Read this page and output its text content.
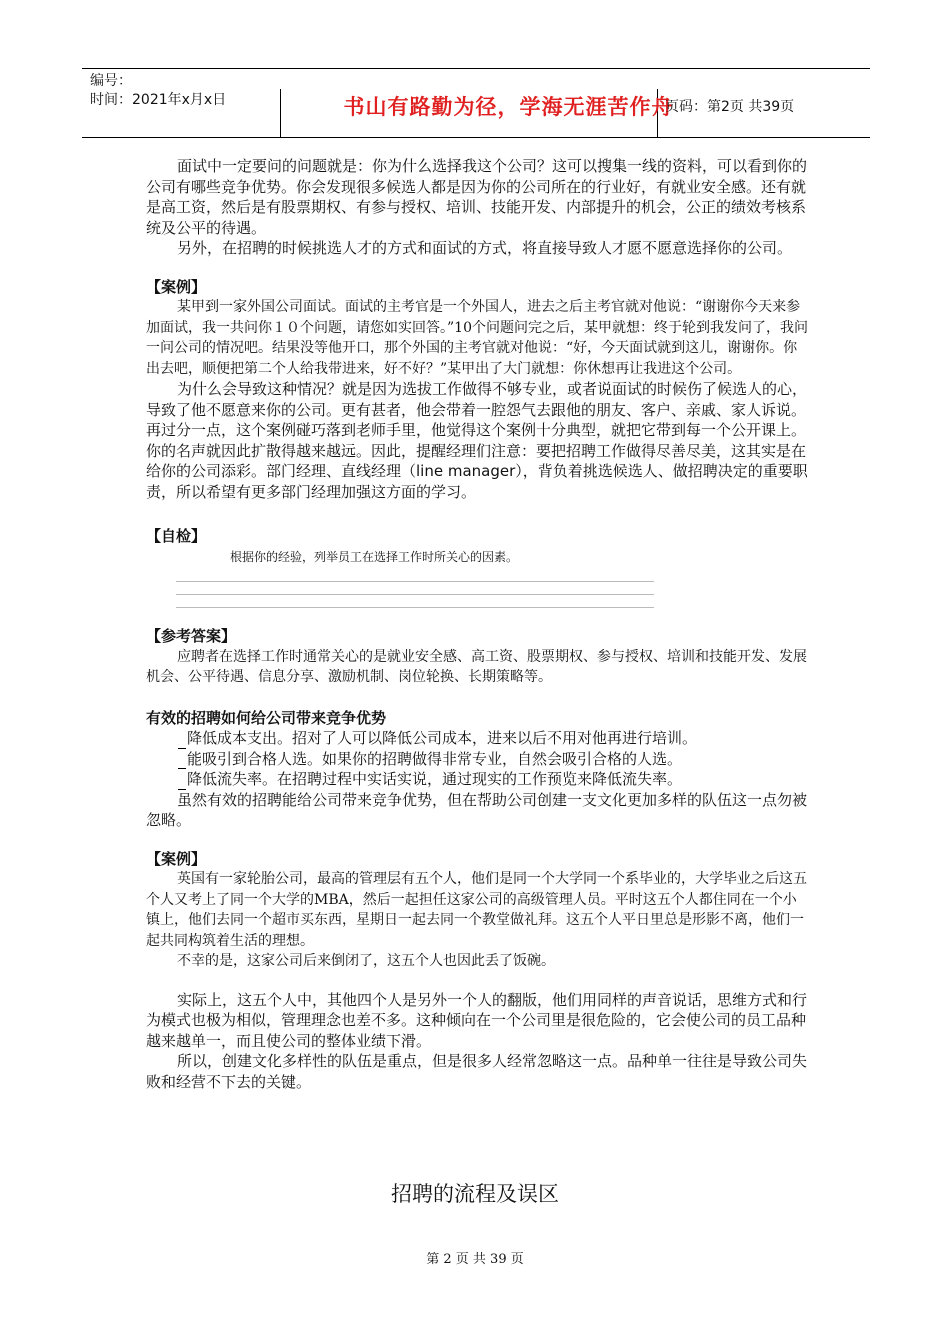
编号：
时间：2021年x月x日	书山有路勤为径，学海无涯苦作舟
页码：第2页 共39页

面试中一定要问的问题就是：你为什么选择我这个公司？这可以搜集一线的资料，可以看到你的公司有哪些竞争优势。你会发现很多候选人都是因为你的公司所在的行业好，有就业安全感。还有就是高工资，然后是有股票期权、有参与授权、培训、技能开发、内部提升的机会，公正的绩效考核系统及公平的待遇。

另外，在招聘的时候挑选人才的方式和面试的方式，将直接导致人才愿不愿意选择你的公司。

【案例】

某甲到一家外国公司面试。面试的主考官是一个外国人，进去之后主考官就对他说：“谢谢你今天来参加面试，我一共问你１０个问题，请您如实回答。”10个问题问完之后，某甲就想：终于轮到我发问了，我问一问公司的情况吧。结果没等他开口，那个外国的主考官就对他说：“好，今天面试就到这儿，谢谢你。你出去吧，顺便把第二个人给我带进来，好不好？”某甲出了大门就想：你休想再让我进这个公司。

为什么会导致这种情况？就是因为选拔工作做得不够专业，或者说面试的时候伤了候选人的心，导致了他不愿意来你的公司。更有甚者，他会带着一腔怨气去跟他的朋友、客户、亲戚、家人诉说。再过分一点，这个案例碰巧落到老师手里，他觉得这个案例十分典型，就把它带到每一个公开课上。你的名声就因此扩散得越来越远。因此，提醒经理们注意：要把招聘工作做得尽善尽美，这其实是在给你的公司添彩。部门经理、直线经理（line manager），背负着挑选候选人、做招聘决定的重要职责，所以希望有更多部门经理加强这方面的学习。

【自检】

根据你的经验，列举员工在选择工作时所关心的因素。

【参考答案】

应聘者在选择工作时通常关心的是就业安全感、高工资、股票期权、参与授权、培训和技能开发、发展机会、公平待遇、信息分享、激励机制、岗位轮换、长期策略等。

有效的招聘如何给公司带来竞争优势

降低成本支出。招对了人可以降低公司成本，进来以后不用对他再进行培训。

能吸引到合格人选。如果你的招聘做得非常专业，自然会吸引合格的人选。

降低流失率。在招聘过程中实话实说，通过现实的工作预览来降低流失率。

虽然有效的招聘能给公司带来竞争优势，但在帮助公司创建一支文化更加多样的队伍这一点勿被忽略。

【案例】

英国有一家轮胎公司，最高的管理层有五个人，他们是同一个大学同一个系毕业的，大学毕业之后这五个人又考上了同一个大学的MBA，然后一起担任这家公司的高级管理人员。平时这五个人都住同在一个小镇上，他们去同一个超市买东西，星期日一起去同一个教堂做礼拜。这五个人平日里总是形影不离，他们一起共同构筑着生活的理想。

不幸的是，这家公司后来倒闭了，这五个人也因此丢了饭碗。

实际上，这五个人中，其他四个人是另外一个人的翻版，他们用同样的声音说话，思维方式和行为模式也极为相似，管理理念也差不多。这种倾向在一个公司里是很危险的，它会使公司的员工品种越来越单一，而且使公司的整体业绩下滑。

所以，创建文化多样性的队伍是重点，但是很多人经常忽略这一点。品种单一往往是导致公司失败和经营不下去的关键。

招聘的流程及误区
第 2 页 共 39 页
